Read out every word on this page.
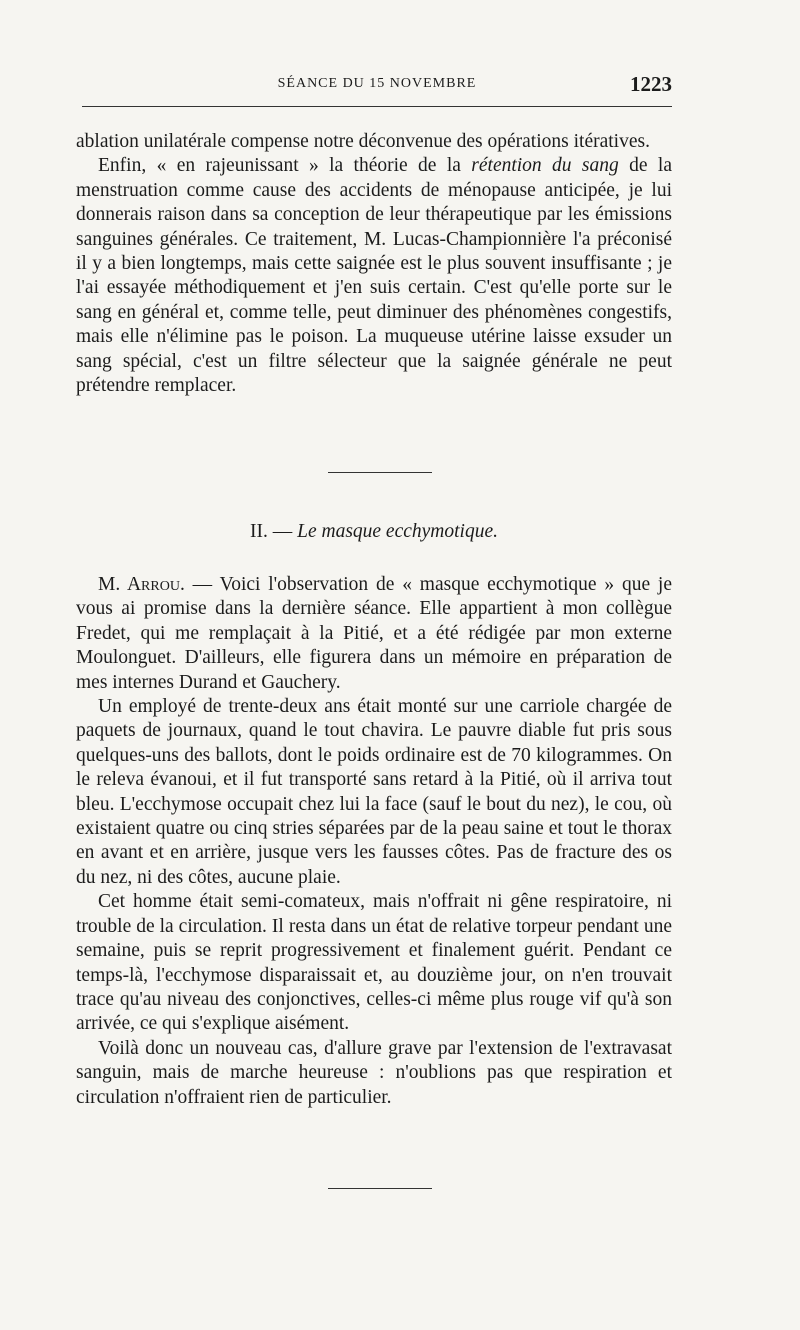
SÉANCE DU 15 NOVEMBRE	1223

ablation unilatérale compense notre déconvenue des opérations itératives.

Enfin, « en rajeunissant » la théorie de la rétention du sang de la menstruation comme cause des accidents de ménopause anticipée, je lui donnerais raison dans sa conception de leur thérapeutique par les émissions sanguines générales. Ce traitement, M. Lucas-Championnière l'a préconisé il y a bien longtemps, mais cette saignée est le plus souvent insuffisante ; je l'ai essayée méthodiquement et j'en suis certain. C'est qu'elle porte sur le sang en général et, comme telle, peut diminuer des phénomènes congestifs, mais elle n'élimine pas le poison. La muqueuse utérine laisse exsuder un sang spécial, c'est un filtre sélecteur que la saignée générale ne peut prétendre remplacer.

II. — Le masque ecchymotique.

M. Arrou. — Voici l'observation de « masque ecchymotique » que je vous ai promise dans la dernière séance. Elle appartient à mon collègue Fredet, qui me remplaçait à la Pitié, et a été rédigée par mon externe Moulonguet. D'ailleurs, elle figurera dans un mémoire en préparation de mes internes Durand et Gauchery.

Un employé de trente-deux ans était monté sur une carriole chargée de paquets de journaux, quand le tout chavira. Le pauvre diable fut pris sous quelques-uns des ballots, dont le poids ordinaire est de 70 kilogrammes. On le releva évanoui, et il fut transporté sans retard à la Pitié, où il arriva tout bleu. L'ecchymose occupait chez lui la face (sauf le bout du nez), le cou, où existaient quatre ou cinq stries séparées par de la peau saine et tout le thorax en avant et en arrière, jusque vers les fausses côtes. Pas de fracture des os du nez, ni des côtes, aucune plaie.

Cet homme était semi-comateux, mais n'offrait ni gêne respiratoire, ni trouble de la circulation. Il resta dans un état de relative torpeur pendant une semaine, puis se reprit progressivement et finalement guérit. Pendant ce temps-là, l'ecchymose disparaissait et, au douzième jour, on n'en trouvait trace qu'au niveau des conjonctives, celles-ci même plus rouge vif qu'à son arrivée, ce qui s'explique aisément.

Voilà donc un nouveau cas, d'allure grave par l'extension de l'extravasat sanguin, mais de marche heureuse : n'oublions pas que respiration et circulation n'offraient rien de particulier.
